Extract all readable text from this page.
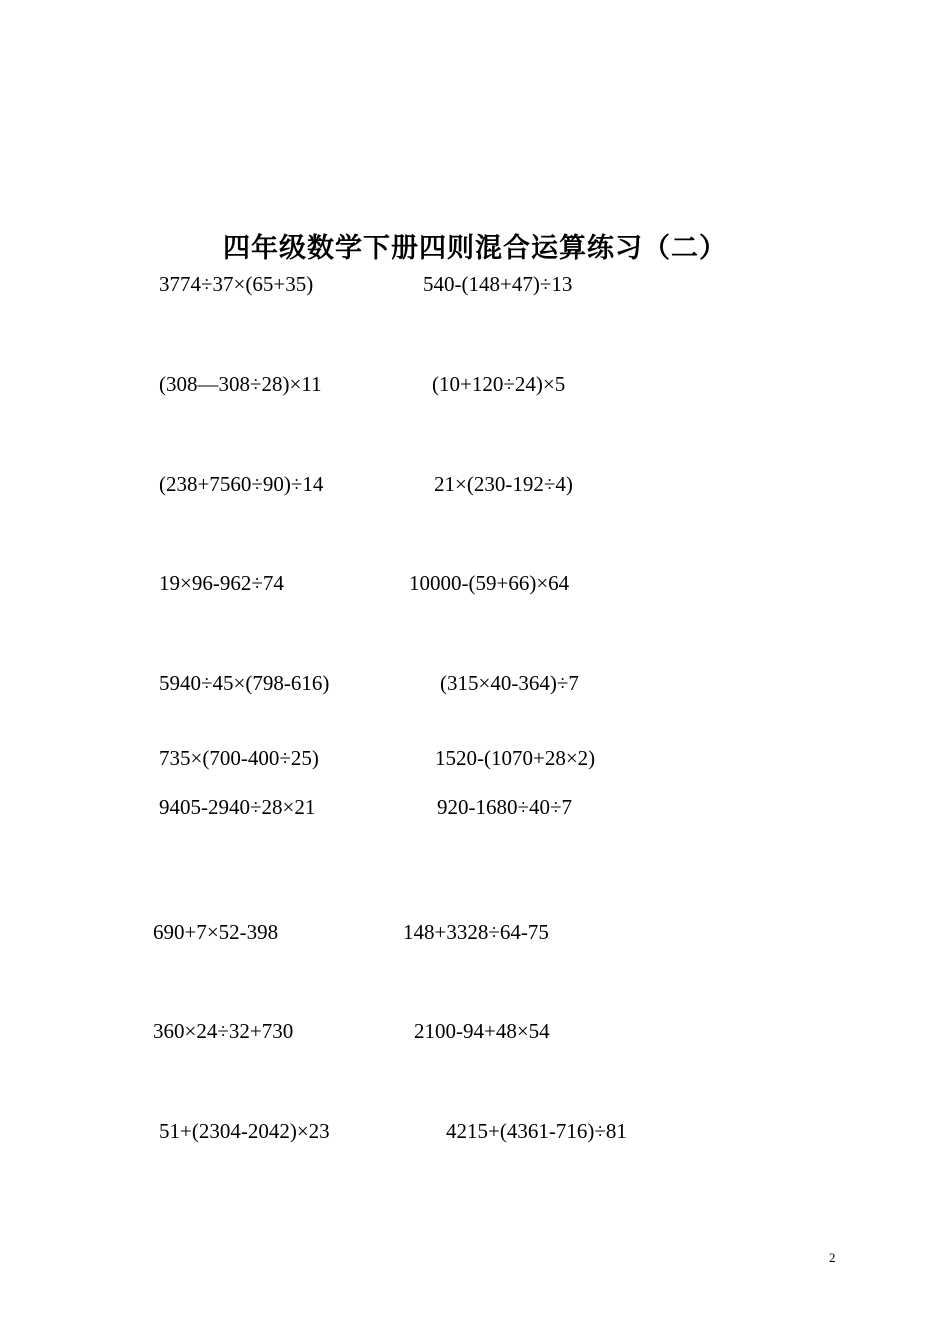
四年级数学下册四则混合运算练习（二）
3774÷37×(65+35)	540-(148+47)÷13
(308—308÷28)×11	(10+120÷24)×5
(238+7560÷90)÷14	21×(230-192÷4)
19×96-962÷74	10000-(59+66)×64
5940÷45×(798-616)	(315×40-364)÷7
735×(700-400÷25)	1520-(1070+28×2)
9405-2940÷28×21	920-1680÷40÷7
690+7×52-398	148+3328÷64-75
360×24÷32+730	2100-94+48×54
51+(2304-2042)×23	4215+(4361-716)÷81
2
